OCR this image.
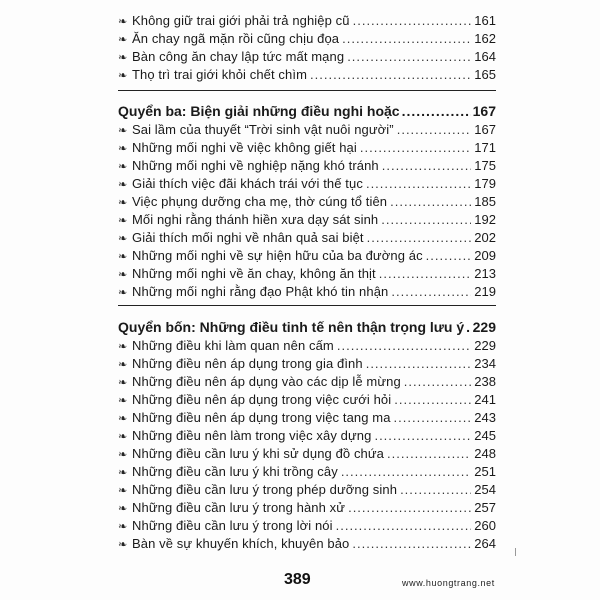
❧ Không giữ trai giới phải trả nghiệp cũ .....	161
❧ Ăn chay ngã mặn rồi cũng chịu đọa .....	162
❧ Bàn công ăn chay lập tức mất mạng .....	164
❧ Thọ trì trai giới khỏi chết chìm .....	165
Quyển ba: Biện giải những điều nghi hoặc .....	167
❧ Sai lầm của thuyết “Trời sinh vật nuôi người” .....	167
❧ Những mối nghi về việc không giết hại .....	171
❧ Những mối nghi về nghiệp nặng khó tránh .....	175
❧ Giải thích việc đãi khách trái với thế tục .....	179
❧ Việc phụng dưỡng cha mẹ, thờ cúng tổ tiên .....	185
❧ Mối nghi rằng thánh hiền xưa dạy sát sinh .....	192
❧ Giải thích mối nghi về nhân quả sai biệt .....	202
❧ Những mối nghi về sự hiện hữu của ba đường ác .....	209
❧ Những mối nghi về ăn chay, không ăn thịt .....	213
❧ Những mối nghi rằng đạo Phật khó tin nhận .....	219
Quyển bốn: Những điều tinh tế nên thận trọng lưu ý ..... 229
❧ Những điều khi làm quan nên cấm .....	229
❧ Những điều nên áp dụng trong gia đình .....	234
❧ Những điều nên áp dụng vào các dịp lễ mừng .....	238
❧ Những điều nên áp dụng trong việc cưới hỏi .....	241
❧ Những điều nên áp dụng trong việc tang ma .....	243
❧ Những điều nên làm trong việc xây dựng .....	245
❧ Những điều cần lưu ý khi sử dụng đồ chứa .....	248
❧ Những điều cần lưu ý khi trồng cây .....	251
❧ Những điều cần lưu ý trong phép dưỡng sinh .....	254
❧ Những điều cần lưu ý trong hành xử .....	257
❧ Những điều cần lưu ý trong lời nói .....	260
❧ Bàn về sự khuyến khích, khuyên bảo .....	264
389	www.huongtrang.net
